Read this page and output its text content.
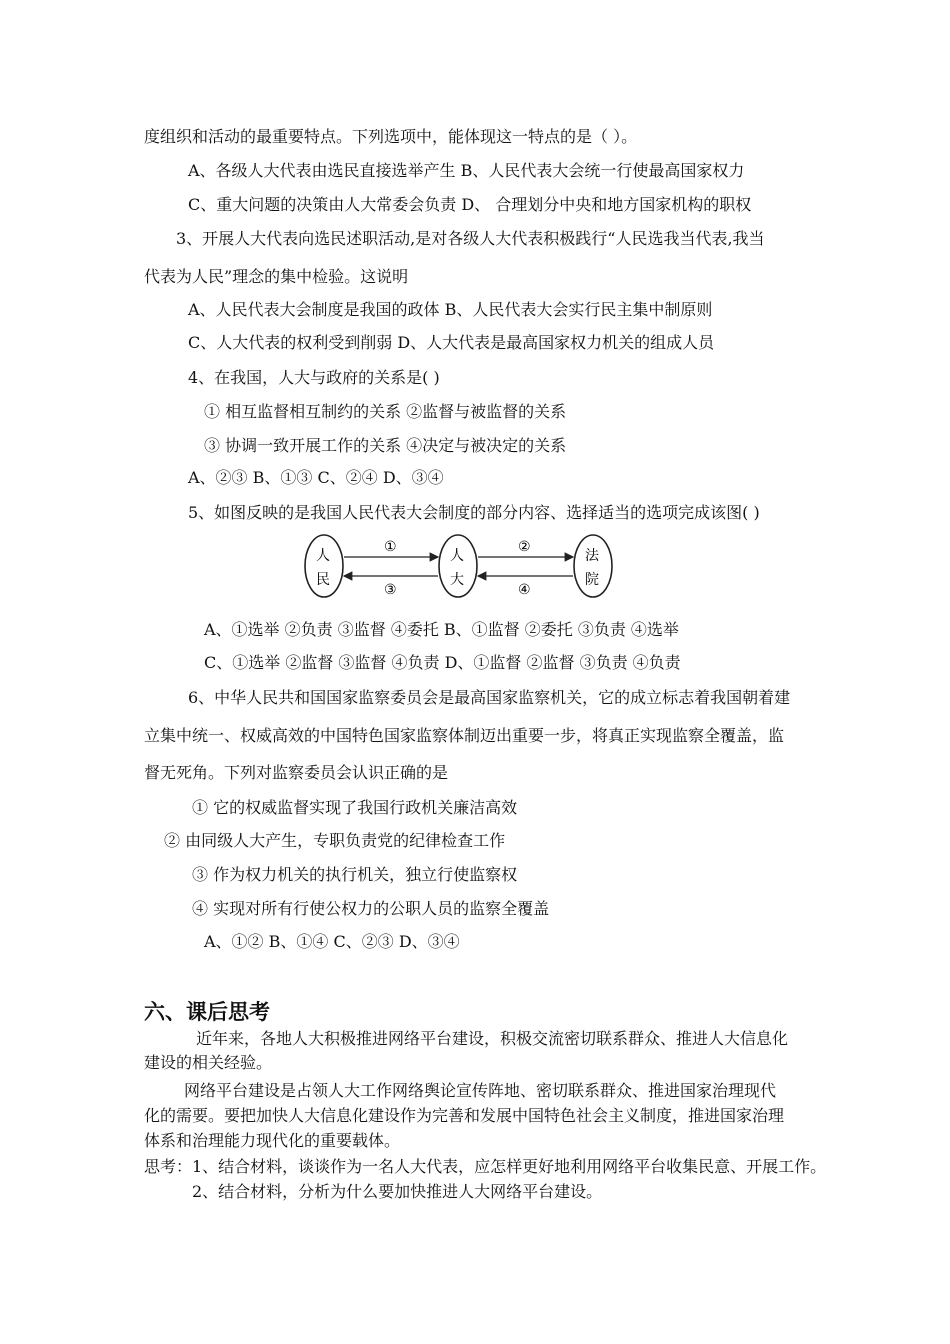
度组织和活动的最重要特点。下列选项中，能体现这一特点的是（ ）。
A、各级人大代表由选民直接选举产生 B、人民代表大会统一行使最高国家权力
C、重大问题的决策由人大常委会负责 D、 合理划分中央和地方国家机构的职权
3、开展人大代表向选民述职活动,是对各级人大代表积极践行“人民选我当代表,我当
代表为人民”理念的集中检验。这说明
A、人民代表大会制度是我国的政体 B、人民代表大会实行民主集中制原则
C、人大代表的权利受到削弱 D、人大代表是最高国家权力机关的组成人员
4、在我国，人大与政府的关系是( )
① 相互监督相互制约的关系 ②监督与被监督的关系
③ 协调一致开展工作的关系 ④决定与被决定的关系
A、②③ B、①③ C、②④ D、③④
5、如图反映的是我国人民代表大会制度的部分内容、选择适当的选项完成该图( )
人
民
人
大
法
院
①
③
②
④
A、①选举 ②负责 ③监督 ④委托 B、①监督 ②委托 ③负责 ④选举
C、①选举 ②监督 ③监督 ④负责 D、①监督 ②监督 ③负责 ④负责
6、中华人民共和国国家监察委员会是最高国家监察机关，它的成立标志着我国朝着建
立集中统一、权威高效的中国特色国家监察体制迈出重要一步，将真正实现监察全覆盖，监
督无死角。下列对监察委员会认识正确的是
① 它的权威监督实现了我国行政机关廉洁高效
② 由同级人大产生，专职负责党的纪律检查工作
③ 作为权力机关的执行机关，独立行使监察权
④ 实现对所有行使公权力的公职人员的监察全覆盖
A、①② B、①④ C、②③ D、③④
六、课后思考
近年来，各地人大积极推进网络平台建设，积极交流密切联系群众、推进人大信息化
建设的相关经验。
网络平台建设是占领人大工作网络舆论宣传阵地、密切联系群众、推进国家治理现代
化的需要。要把加快人大信息化建设作为完善和发展中国特色社会主义制度，推进国家治理
体系和治理能力现代化的重要载体。
思考：1、结合材料，谈谈作为一名人大代表，应怎样更好地利用网络平台收集民意、开展工作。
2、结合材料，分析为什么要加快推进人大网络平台建设。
